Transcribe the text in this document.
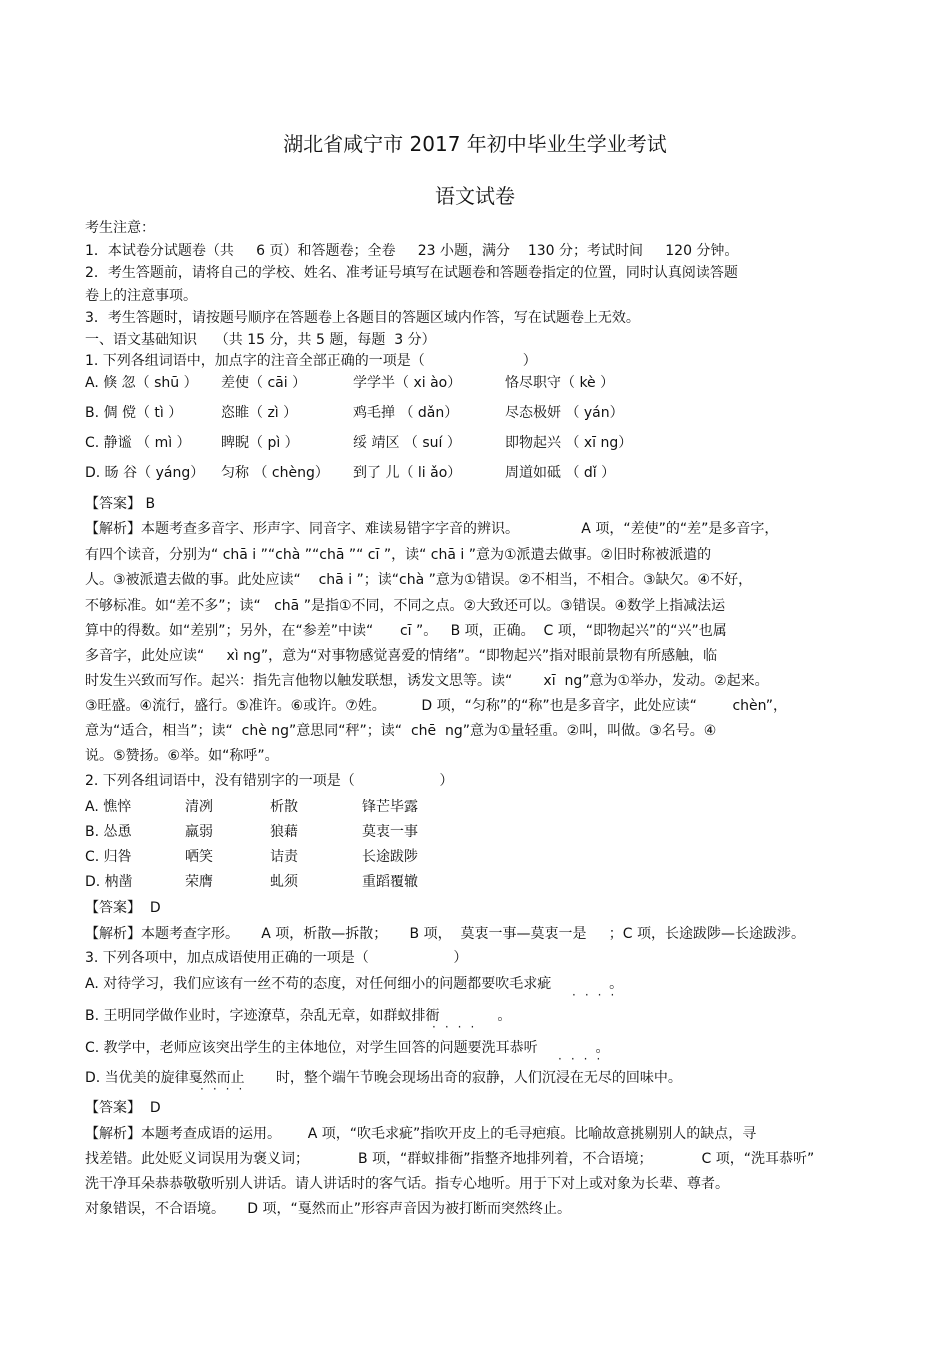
湖北省咸宁市 2017 年初中毕业生学业考试
语文试卷
考生注意：
1．本试卷分试题卷（共     6 页）和答题卷；全卷     23 小题，满分    130 分；考试时间     120 分钟。
2．考生答题前，请将自己的学校、姓名、准考证号填写在试题卷和答题卷指定的位置，同时认真阅读答题
卷上的注意事项。
3．考生答题时，请按题号顺序在答题卷上各题目的答题区域内作答，写在试题卷上无效。
一、语文基础知识    （共 15 分，共 5 题，每题  3 分）
1. 下列各组词语中，加点字的注音全部正确的一项是（                      ）
A. 倏 忽（ shū ） 差使（ cāi ）	学学半（ xi ào）	恪尽职守（ kè ）
B. 倜 傥（ tì ）	恣睢（ zì ）	鸡毛掸 （ dǎn）	尽态极妍 （ yán）
C. 静谧 （ mì ） 睥睨（ pì ）	绥 靖区 （ suí ）	即物起兴 （ xī ng）
D. 旸 谷（ yáng） 匀称 （ chèng） 到了 儿（ li ǎo）	周道如砥 （ dǐ ）
【答案】 B
【解析】本题考查多音字、形声字、同音字、难读易错字字音的辨识。              A 项，“差使”的“差”是多音字，
有四个读音，分别为“ chā i ”“chà ”“chā ”“ cī ”，读“ chā i ”意为①派遣去做事。②旧时称被派遣的
人。③被派遣去做的事。此处应读“    chā i ”；读“chà ”意为①错误。②不相当，不相合。③缺欠。④不好，
不够标准。如“差不多”；读“   chā ”是指①不同，不同之点。②大致还可以。③错误。④数学上指减法运
算中的得数。如“差别”；另外，在“参差”中读“      cī ”。   B 项，正确。  C 项，“即物起兴”的“兴”也属
多音字，此处应读“     xì ng”，意为“对事物感觉喜爱的情绪”。“即物起兴”指对眼前景物有所感触，临
时发生兴致而写作。起兴：指先言他物以触发联想，诱发文思等。读“       xī  ng”意为①举办，发动。②起来。
③旺盛。④流行，盛行。⑤准许。⑥或许。⑦姓。        D 项，“匀称”的“称”也是多音字，此处应读“        chèn”，
意为“适合，相当”；读“  chè ng”意思同“秤”；读“  chē  ng”意为①量轻重。②叫，叫做。③名号。④
说。⑤赞扬。⑥举。如“称呼”。
2. 下列各组词语中，没有错别字的一项是（                   ）
A. 憔悴	清冽	析散	锋芒毕露
B. 怂恿	羸弱	狼藉	莫衷一事
C. 归咎	哂笑	诘责	长途跋陟
D. 枘凿	荣膺	虬须	重蹈覆辙
【答案】  D
【解析】本题考查字形。     A 项，析散—拆散；     B 项，  莫衷一事—莫衷一是     ；C 项，长途跋陟—长途跋涉。
3. 下列各项中，加点成语使用正确的一项是（                   ）
A. 对待学习，我们应该有一丝不苟的态度，对任何细小的问题都要吹毛求疵             。
····
B. 王明同学做作业时，字迹潦草，杂乱无章，如群蚁排衙             。
····
C. 教学中，老师应该突出学生的主体地位，对学生回答的问题要洗耳恭听             。
····
D. 当优美的旋律戛然而止       时，整个端午节晚会现场出奇的寂静，人们沉浸在无尽的回味中。
····
【答案】  D
【解析】本题考查成语的运用。      A 项，“吹毛求疵”指吹开皮上的毛寻疤痕。比喻故意挑剔别人的缺点，寻
找差错。此处贬义词误用为褒义词；           B 项，“群蚁排衙”指整齐地排列着，不合语境；           C 项，“洗耳恭听”
洗干净耳朵恭恭敬敬听别人讲话。请人讲话时的客气话。指专心地听。用于下对上或对象为长辈、尊者。
对象错误，不合语境。     D 项，“戛然而止”形容声音因为被打断而突然终止。
